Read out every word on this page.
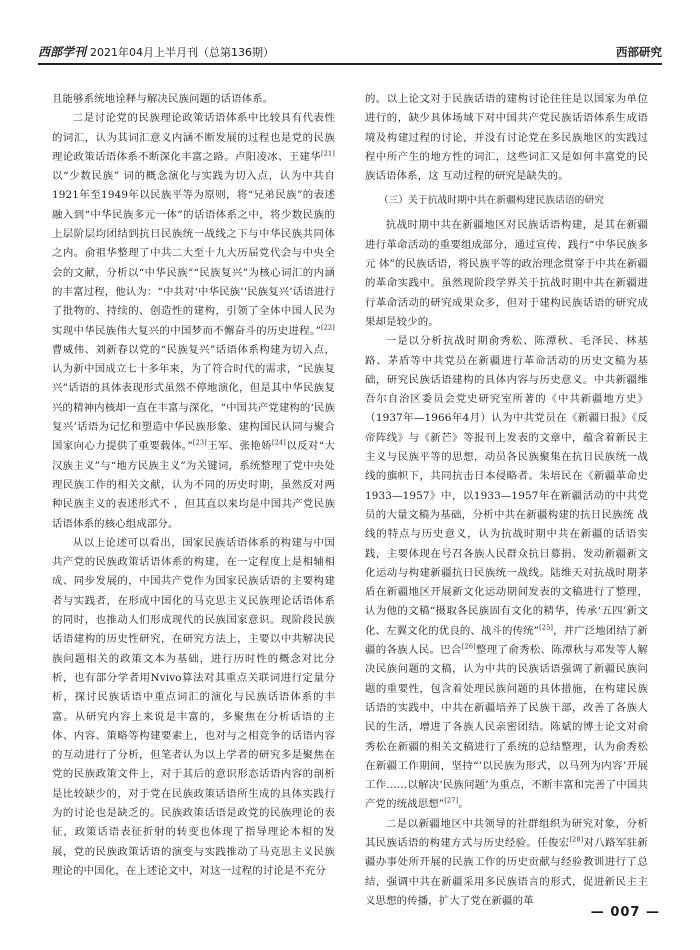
西部学刊 2021年04月上半月刊（总第136期）	西部研究

且能够系统地诠释与解决民族问题的话语体系。

二是讨论党的民族理论政策话语体系中比较具有代表性的词汇，认为其词汇意义内涵不断发展的过程也是党的民族理论政策话语体系不断深化丰富之路。卢阳凌冰、王建华[21]以“少数民族” 词的概念演化与实践为切入点，认为中共自1921年至1949年以民族平等为原则，将“兄弟民族”的表述融入到“中华民族多元一体”的话语体系之中，将少数民族的上层阶层均团结到抗日民族统一战线之下与中华民族共同体之内。俞祖华整理了中共二大至十九大历届党代会与中央全会的文献，分析以“中华民族”“民族复兴”为核心词汇的内涵的丰富过程，他认为：“中共对‘中华民族’‘民族复兴’话语进行了批物的、持续的、创造性的建构，引领了全体中国人民为实现中华民族伟大复兴的中国梦而不懈奋斗的历史进程。”[22]曹威伟、刘新春以党的“民族复兴”话语体系构建为切入点，认为新中国成立七十多年来，为了符合时代的需求，“民族复兴”话语的具体表现形式虽然不停地演化，但是其中华民族复兴的精神内核却一直在丰富与深化，“中国共产党建构的‘民族复兴’话语为记忆和塑造中华民族形象、建构国民认同与聚合国家向心力提供了重要载体。”[23]王军、张艳娇[24]以反对“大汉族主义”与“地方民族主义”为关键词，系统整理了党中央处理民族工作的相关文献，认为不同的历史时期，虽然反对两种民族主义的表述形式不 ，但其直以来均是中国共产党民族话语体系的核心组成部分。

从以上论述可以看出，国家民族话语体系的构建与中国共产党的民族政策话语体系的构建，在一定程度上是相辅相成、同步发展的，中国共产党作为国家民族话语的主要构建者与实践者，在形成中国化的马克思主义民族理论话语体系的同时，也推动人们形成现代的民族国家意识。现阶段民族话语建构的历史性研究，在研究方法上，主要以中共解决民族问题相关的政策文本为基础，进行历时性的概念对比分析，也有部分学者用Nvivo算法对其重点关联词进行定量分析，探讨民族话语中重点词汇的演化与民族话语体系的丰富。从研究内容上来说是丰富的，多聚焦在分析话语的主体、内容、策略等构建要素上，也对与之相竞争的话语内容的互动进行了分析，但笔者认为以上学者的研究多是聚焦在党的民族政策文件上，对于其后的意识形态话语内容的剖析是比较缺少的，对于党在民族政策话语所生成的具体实践行为的讨论也是缺乏的。民族政策话语是政党的民族理论的表征，政策话语表征折射的转变也体现了指导理论本相的发展，党的民族政策话语的演变与实践推动了马克思主义民族理论的中国化，在上述论文中，对这一过程的讨论是不充分

的。以上论文对于民族话语的建构讨论往往是以国家为单位进行的，缺少具体场域下对中国共产党民族话语体系生成语境及构建过程的讨论，并没有讨论党在多民族地区的实践过程中所产生的地方性的词汇，这些词汇又是如何丰富党的民族话语体系，这 互动过程的研究是缺失的。

（三）关于抗战时期中共在新疆构建民族话语的研究

抗战时期中共在新疆地区对民族话语构建，是其在新疆进行革命活动的重要组成部分，通过宣传、践行“中华民族多元 体”的民族话语，将民族平等的政治理念贯穿于中共在新疆的革命实践中。虽然现阶段学界关于抗战时期中共在新疆进行革命活动的研究成果众多，但对于建构民族话语的研究成果却是较少的。

一是以分析抗战时期俞秀松、陈潭秋、毛泽民、林基路、茅盾等中共党员在新疆进行革命活动的历史文稿为基础，研究民族话语建构的具体内容与历史意义。中共新疆维吾尔自治区委员会党史研究室所著的《中共新疆地方史》（1937年—1966年4月）认为中共党员在《新疆日报》《反帝阵线》与《新芒》等报刊上发表的文章中，蕴含着新民主主义与民族平等的思想，动员各民族聚集在抗日民族统一战线的旗帜下，共同抗击日本侵略者。朱培民在《新疆革命史1933—1957》中，以1933—1957年在新疆活动的中共党员的大量文稿为基础，分析中共在新疆构建的抗日民族统 战线的特点与历史意义，认为抗战时期中共在新疆的话语实践，主要体现在号召各族人民群众抗日募捐、发动新疆新文化运动与构建新疆抗日民族统一战线。陆维天对抗战时期茅盾在新疆地区开展新文化运动期间发表的文稿进行了整理，认为他的文稿“摄取各民族固有文化的精华，传承‘五四’新文化、左翼文化的优良的、战斗的传统”[25]，并广泛地团结了新疆的各族人民。巴合[26]整理了俞秀松、陈潭秋与邓发等人解决民族问题的文稿，认为中共的民族话语强调了新疆民族问题的重要性，包含着处理民族问题的具体措施，在构建民族话语的实践中，中共在新疆培养了民族干部，改善了各族人民的生活，增进了各族人民亲密团结。陈斌的博士论文对俞秀松在新疆的相关文稿进行了系统的总结整理，认为俞秀松在新疆工作期间，坚持“‘以民族为形式，以马列为内容’开展工作……以解决‘民族问题’为重点，不断丰富和完善了中国共产党的统战思想”[27]。

二是以新疆地区中共领导的社群组织为研究对象，分析其民族话语的构建方式与历史经验。任俊宏[28]对八路军驻新疆办事处所开展的民族工作的历史贡献与经验教训进行了总结，强调中共在新疆采用多民族语言的形式，促进新民主主义思想的传播，扩大了党在新疆的革

— 007 —
